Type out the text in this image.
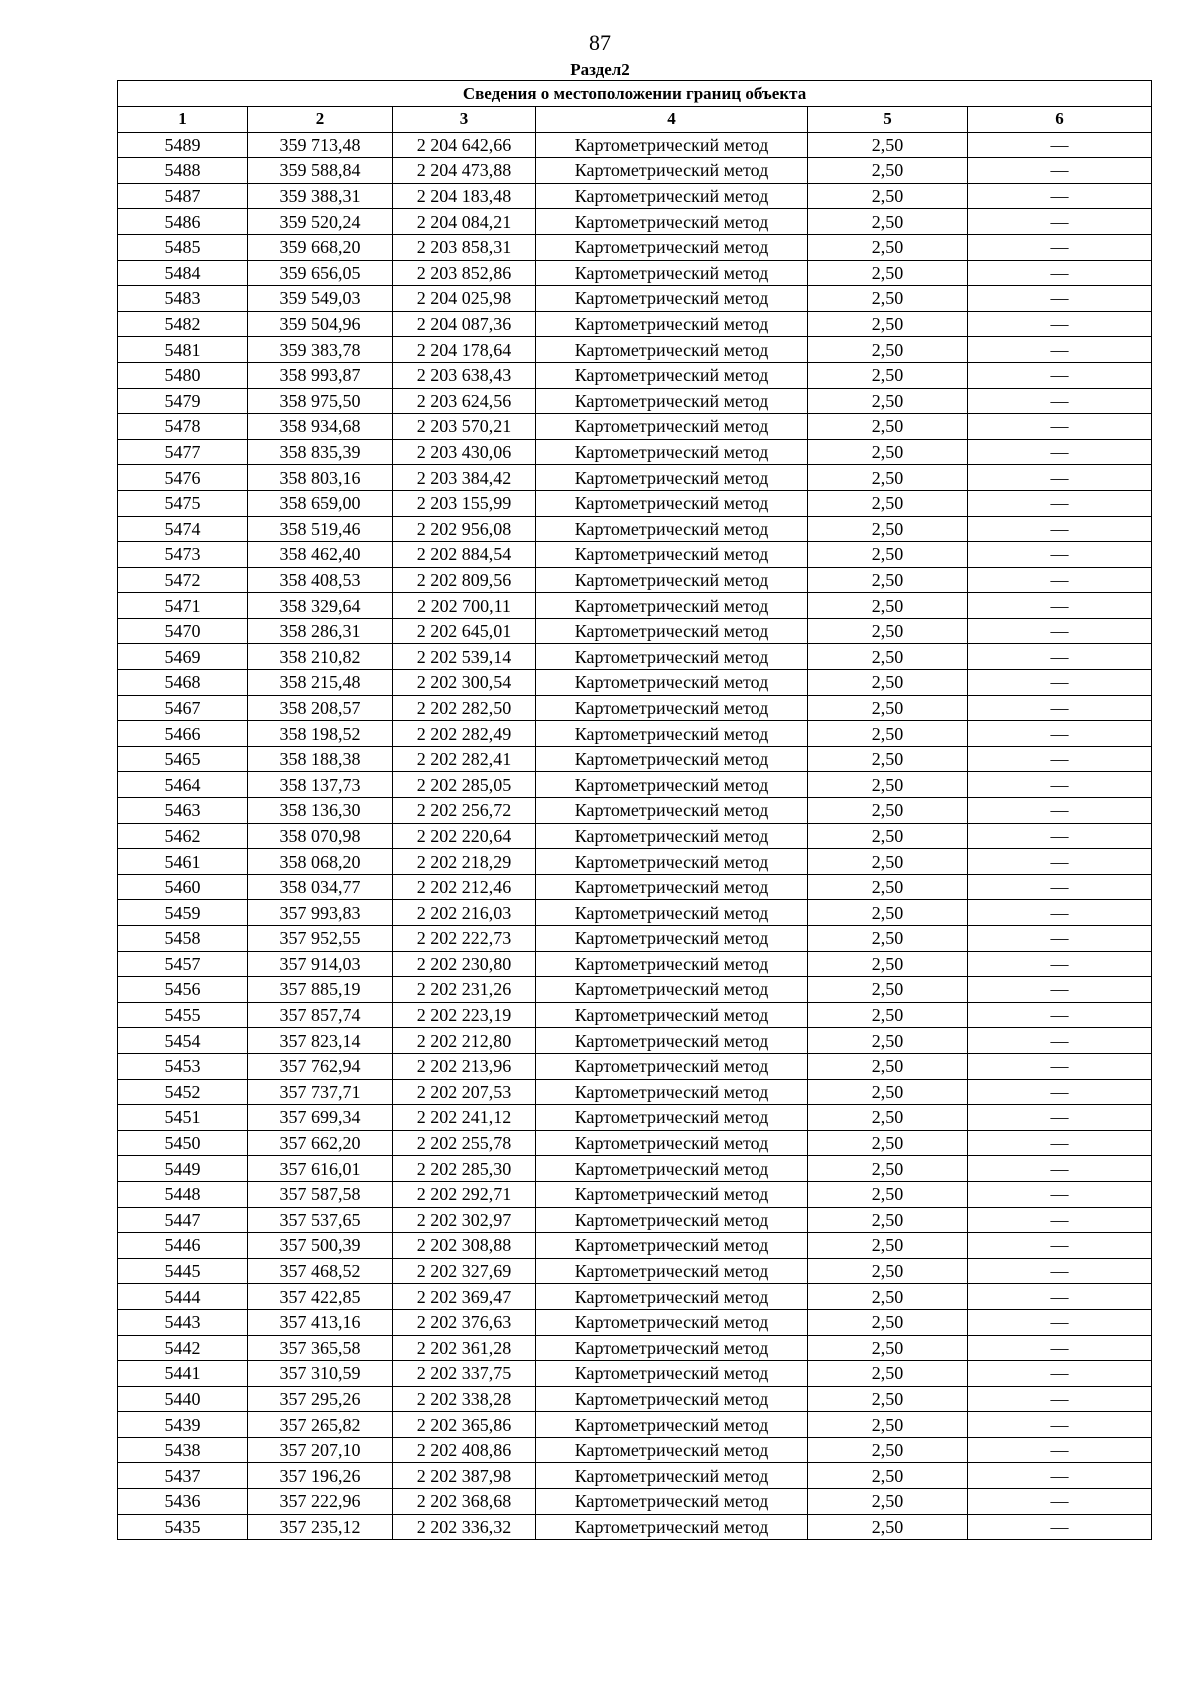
87
Раздел2
Сведения о местоположении границ объекта					
1	2	3	4	5	6
5489	359 713,48	2 204 642,66	Картометрический метод	2,50	—
5488	359 588,84	2 204 473,88	Картометрический метод	2,50	—
5487	359 388,31	2 204 183,48	Картометрический метод	2,50	—
5486	359 520,24	2 204 084,21	Картометрический метод	2,50	—
5485	359 668,20	2 203 858,31	Картометрический метод	2,50	—
5484	359 656,05	2 203 852,86	Картометрический метод	2,50	—
5483	359 549,03	2 204 025,98	Картометрический метод	2,50	—
5482	359 504,96	2 204 087,36	Картометрический метод	2,50	—
5481	359 383,78	2 204 178,64	Картометрический метод	2,50	—
5480	358 993,87	2 203 638,43	Картометрический метод	2,50	—
5479	358 975,50	2 203 624,56	Картометрический метод	2,50	—
5478	358 934,68	2 203 570,21	Картометрический метод	2,50	—
5477	358 835,39	2 203 430,06	Картометрический метод	2,50	—
5476	358 803,16	2 203 384,42	Картометрический метод	2,50	—
5475	358 659,00	2 203 155,99	Картометрический метод	2,50	—
5474	358 519,46	2 202 956,08	Картометрический метод	2,50	—
5473	358 462,40	2 202 884,54	Картометрический метод	2,50	—
5472	358 408,53	2 202 809,56	Картометрический метод	2,50	—
5471	358 329,64	2 202 700,11	Картометрический метод	2,50	—
5470	358 286,31	2 202 645,01	Картометрический метод	2,50	—
5469	358 210,82	2 202 539,14	Картометрический метод	2,50	—
5468	358 215,48	2 202 300,54	Картометрический метод	2,50	—
5467	358 208,57	2 202 282,50	Картометрический метод	2,50	—
5466	358 198,52	2 202 282,49	Картометрический метод	2,50	—
5465	358 188,38	2 202 282,41	Картометрический метод	2,50	—
5464	358 137,73	2 202 285,05	Картометрический метод	2,50	—
5463	358 136,30	2 202 256,72	Картометрический метод	2,50	—
5462	358 070,98	2 202 220,64	Картометрический метод	2,50	—
5461	358 068,20	2 202 218,29	Картометрический метод	2,50	—
5460	358 034,77	2 202 212,46	Картометрический метод	2,50	—
5459	357 993,83	2 202 216,03	Картометрический метод	2,50	—
5458	357 952,55	2 202 222,73	Картометрический метод	2,50	—
5457	357 914,03	2 202 230,80	Картометрический метод	2,50	—
5456	357 885,19	2 202 231,26	Картометрический метод	2,50	—
5455	357 857,74	2 202 223,19	Картометрический метод	2,50	—
5454	357 823,14	2 202 212,80	Картометрический метод	2,50	—
5453	357 762,94	2 202 213,96	Картометрический метод	2,50	—
5452	357 737,71	2 202 207,53	Картометрический метод	2,50	—
5451	357 699,34	2 202 241,12	Картометрический метод	2,50	—
5450	357 662,20	2 202 255,78	Картометрический метод	2,50	—
5449	357 616,01	2 202 285,30	Картометрический метод	2,50	—
5448	357 587,58	2 202 292,71	Картометрический метод	2,50	—
5447	357 537,65	2 202 302,97	Картометрический метод	2,50	—
5446	357 500,39	2 202 308,88	Картометрический метод	2,50	—
5445	357 468,52	2 202 327,69	Картометрический метод	2,50	—
5444	357 422,85	2 202 369,47	Картометрический метод	2,50	—
5443	357 413,16	2 202 376,63	Картометрический метод	2,50	—
5442	357 365,58	2 202 361,28	Картометрический метод	2,50	—
5441	357 310,59	2 202 337,75	Картометрический метод	2,50	—
5440	357 295,26	2 202 338,28	Картометрический метод	2,50	—
5439	357 265,82	2 202 365,86	Картометрический метод	2,50	—
5438	357 207,10	2 202 408,86	Картометрический метод	2,50	—
5437	357 196,26	2 202 387,98	Картометрический метод	2,50	—
5436	357 222,96	2 202 368,68	Картометрический метод	2,50	—
5435	357 235,12	2 202 336,32	Картометрический метод	2,50	—
